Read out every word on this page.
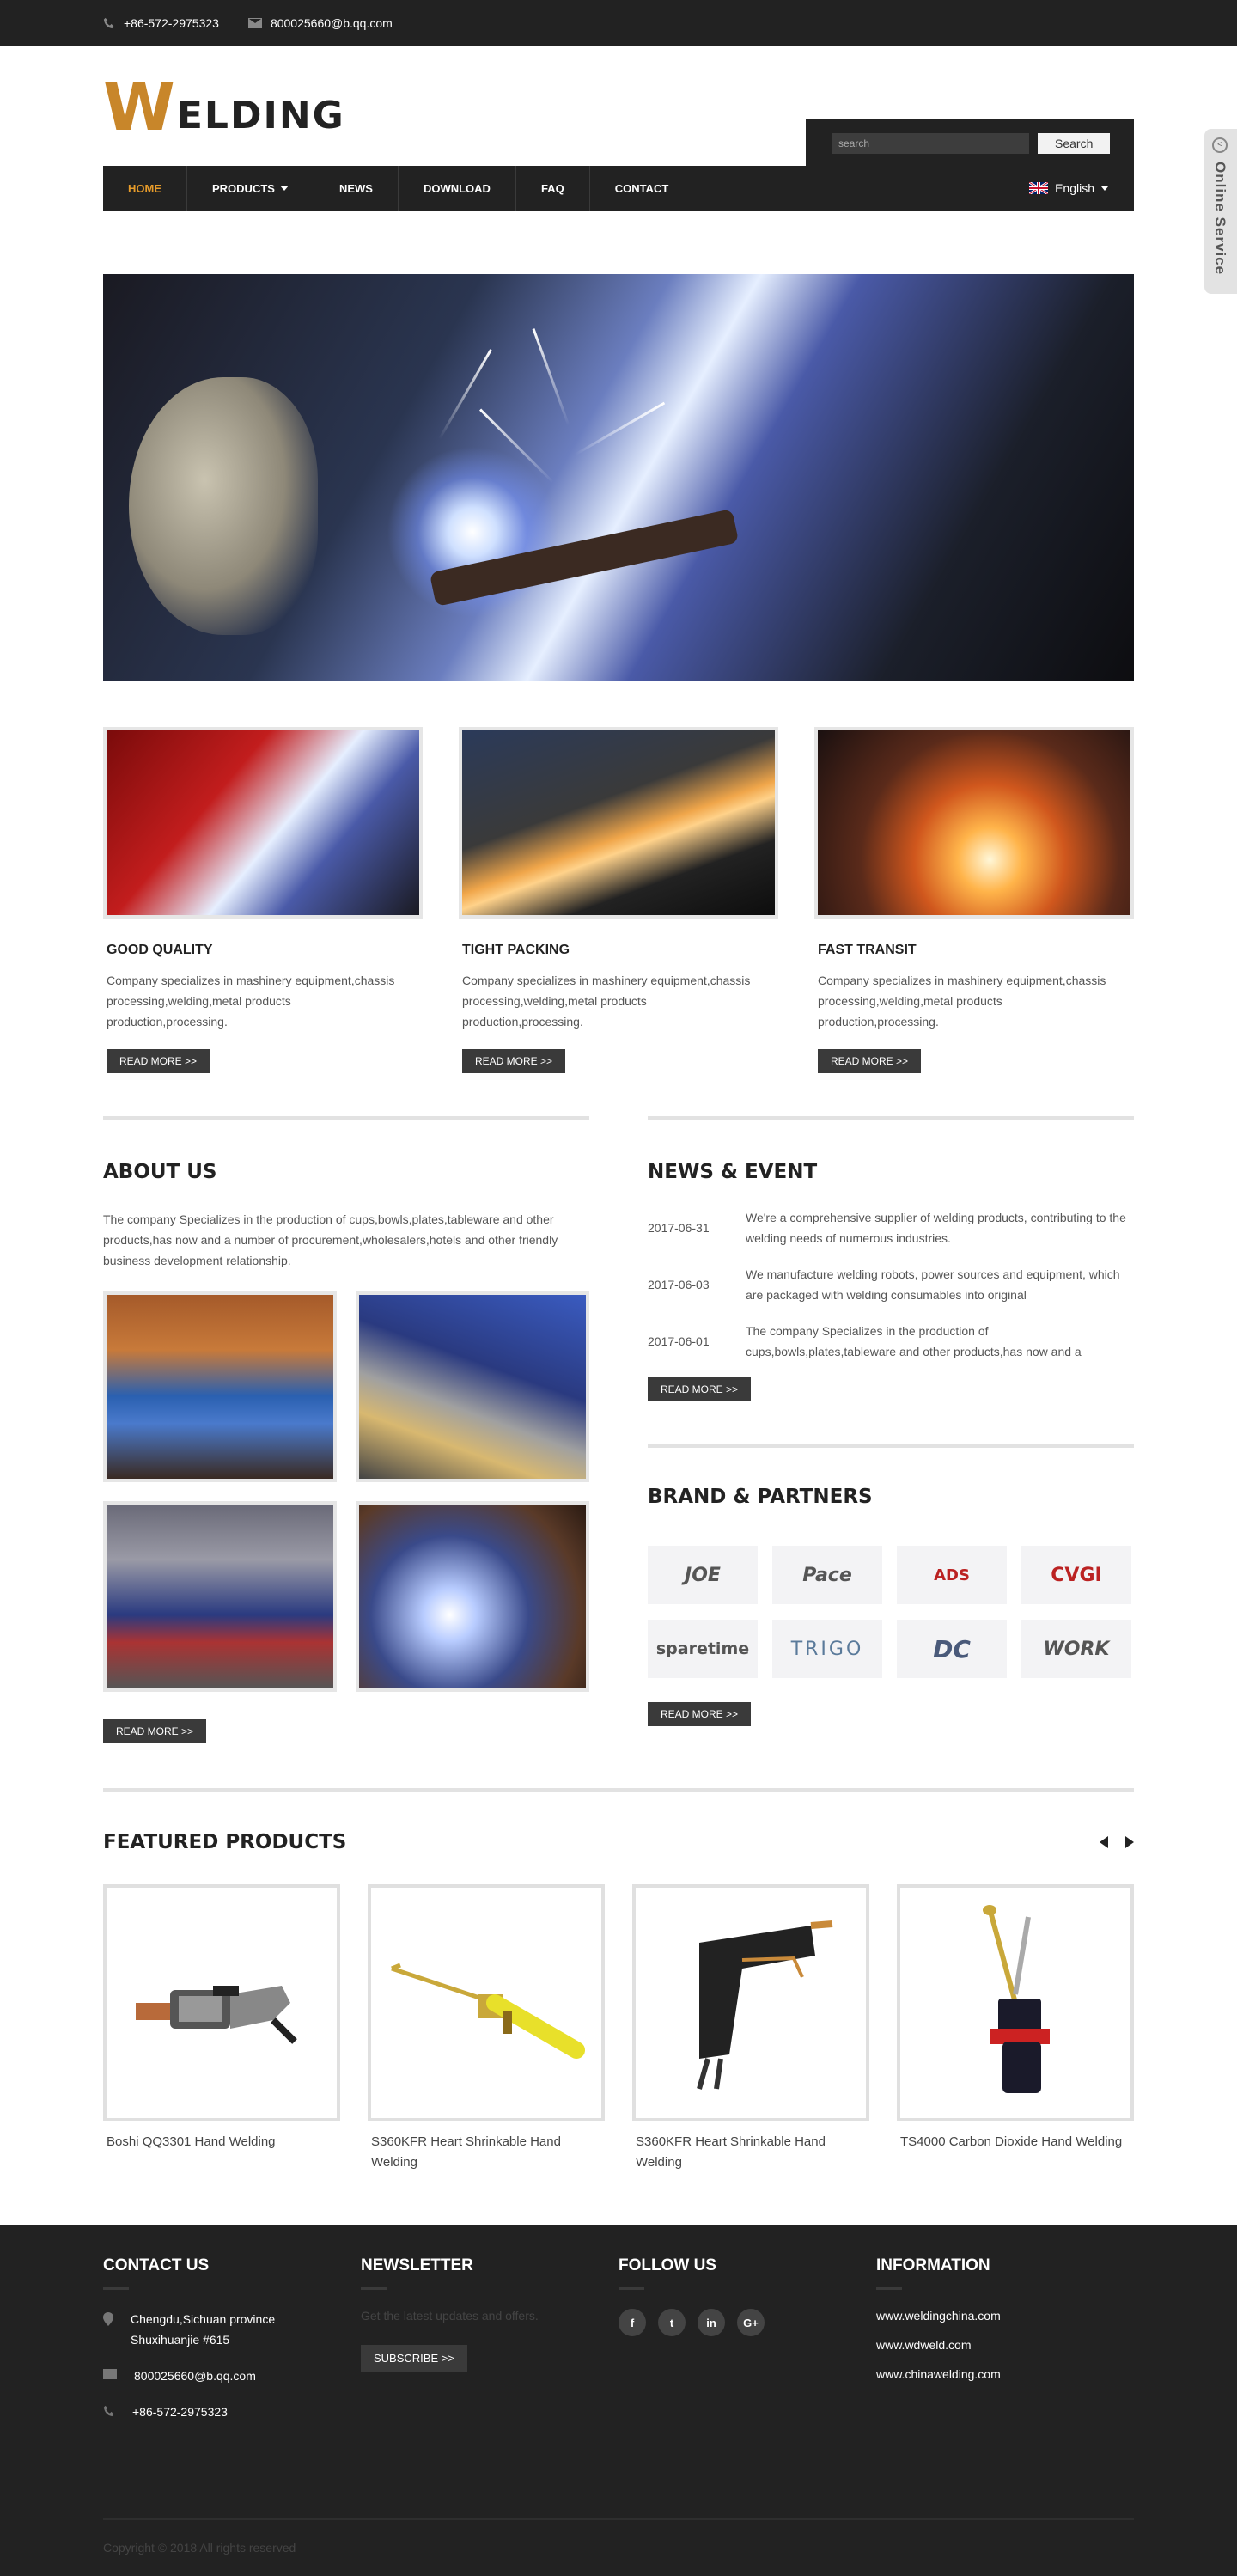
+86-572-2975323	800025660@b.qq.com
WELDING
search	Search
HOME	PRODUCTS	NEWS	DOWNLOAD	FAQ	CONTACT	English
GOOD QUALITY

Company specializes in mashinery equipment,chassis processing,welding,metal products production,processing.

READ MORE >>
TIGHT PACKING

Company specializes in mashinery equipment,chassis processing,welding,metal products production,processing.

READ MORE >>
FAST TRANSIT

Company specializes in mashinery equipment,chassis processing,welding,metal products production,processing.

READ MORE >>
ABOUT US

The company Specializes in the production of cups,bowls,plates,tableware and other products,has now and a number of procurement,wholesalers,hotels and other friendly business development relationship.

READ MORE >>
NEWS & EVENT
2017-06-31
We're a comprehensive supplier of welding products, contributing to the welding needs of numerous industries.
2017-06-03
We manufacture welding robots, power sources and equipment, which are packaged with welding consumables into original
2017-06-01
The company Specializes in the production of cups,bowls,plates,tableware and other products,has now and a
READ MORE >>
BRAND & PARTNERS
JOE	Pace	ADS	CVGI
sparetime	TRIGO	DC	WORK
READ MORE >>
FEATURED PRODUCTS
Boshi QQ3301 Hand Welding	S360KFR Heart Shrinkable Hand Welding
S360KFR Heart Shrinkable Hand Welding
TS4000 Carbon Dioxide Hand Welding
<
Online Service
CONTACT US
Chengdu,Sichuan province Shuxihuanjie #615
800025660@b.qq.com
+86-572-2975323
NEWSLETTER
Get the latest updates and offers.
SUBSCRIBE >>
FOLLOW US
f	t	in	G+
INFORMATION
www.weldingchina.com
www.wdweld.com
www.chinawelding.com
Copyright © 2018 All rights reserved
